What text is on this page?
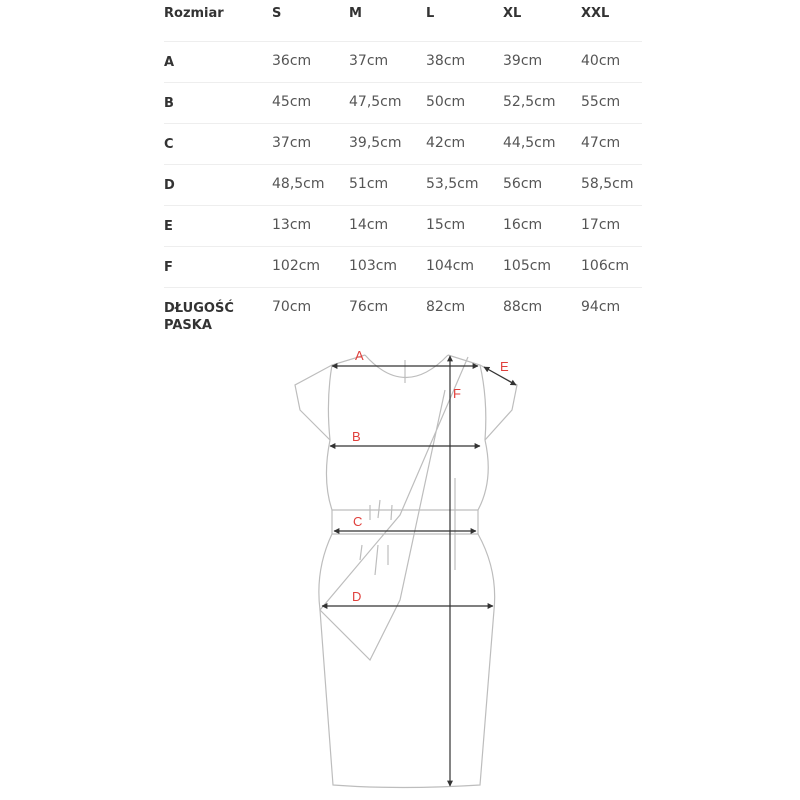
Rozmiar	S	M	L	XL	XXL
A	36cm	37cm	38cm	39cm	40cm
B	45cm	47,5cm	50cm	52,5cm	55cm
C	37cm	39,5cm	42cm	44,5cm	47cm
D	48,5cm	51cm	53,5cm	56cm	58,5cm
E	13cm	14cm	15cm	16cm	17cm
F	102cm	103cm	104cm	105cm	106cm
DŁUGOŚĆ
PASKA	70cm	76cm	82cm	88cm	94cm
A
B
C
D
E
F
